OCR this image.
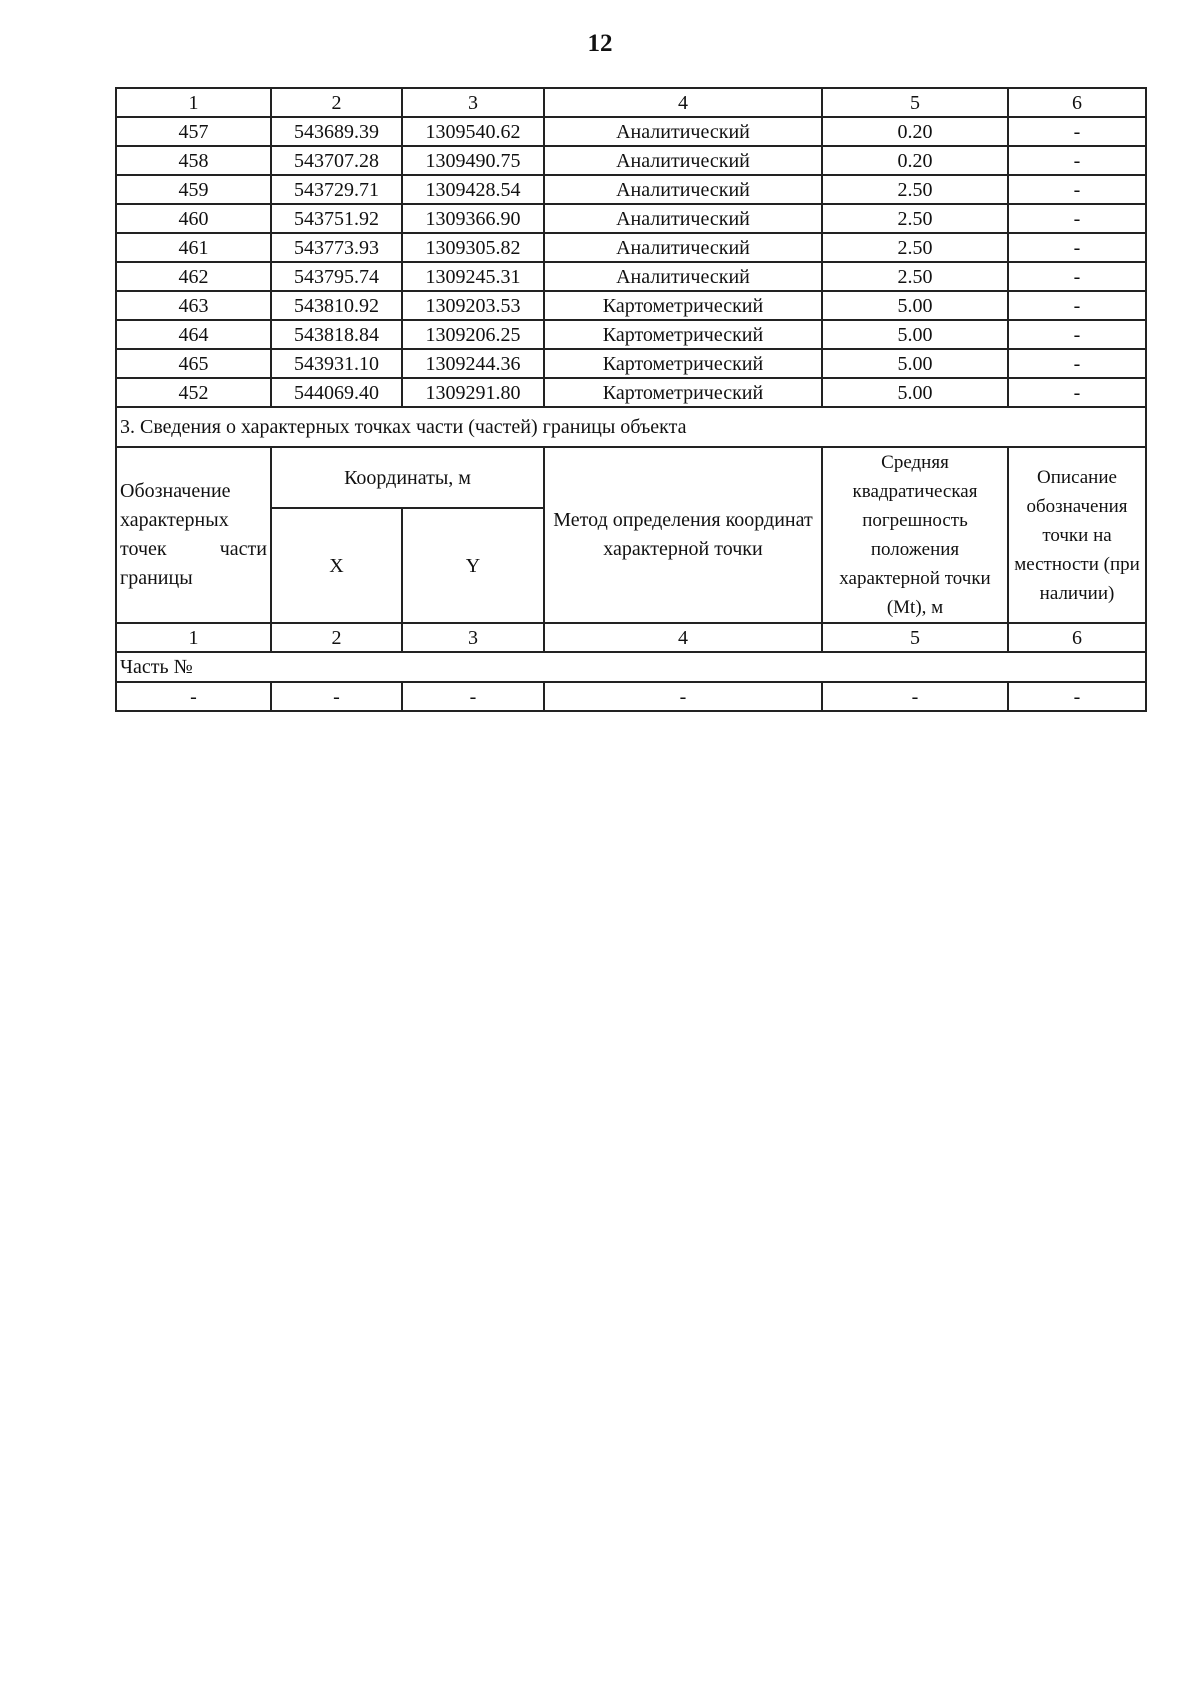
12
1	2	3	4	5	6
457	543689.39	1309540.62	Аналитический	0.20	-
458	543707.28	1309490.75	Аналитический	0.20	-
459	543729.71	1309428.54	Аналитический	2.50	-
460	543751.92	1309366.90	Аналитический	2.50	-
461	543773.93	1309305.82	Аналитический	2.50	-
462	543795.74	1309245.31	Аналитический	2.50	-
463	543810.92	1309203.53	Картометрический	5.00	-
464	543818.84	1309206.25	Картометрический	5.00	-
465	543931.10	1309244.36	Картометрический	5.00	-
452	544069.40	1309291.80	Картометрический	5.00	-
3. Сведения о характерных точках части (частей) границы объекта					
Обозначение характерных точек части границы	Координаты, м		Метод определения координат характерной точки	Средняя квадратическая погрешность положения характерной точки (Mt), м	Описание обозначения точки на местности (при наличии)
	X	Y			
1	2	3	4	5	6
Часть №					
-	-	-	-	-	-
